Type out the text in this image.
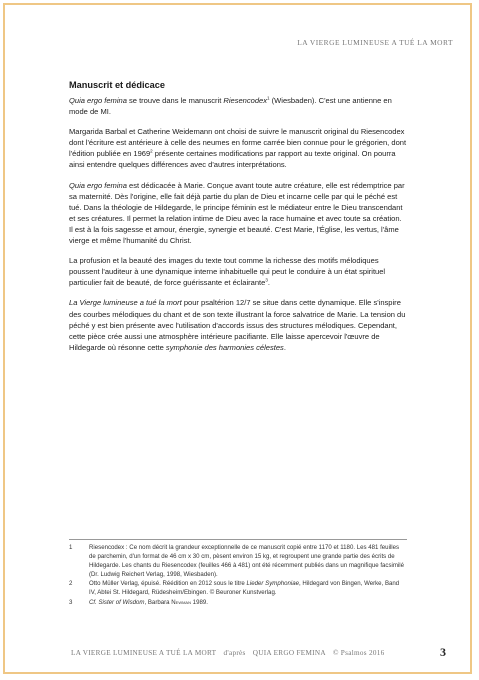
LA VIERGE LUMINEUSE A TUÉ LA MORT
Manuscrit et dédicace

Quia ergo femina se trouve dans le manuscrit Riesencodex$^1$ (Wiesbaden). C'est une antienne en mode de MI.

Margarida Barbal et Catherine Weidemann ont choisi de suivre le manuscrit original du Riesencodex dont l'écriture est antérieure à celle des neumes en forme carrée bien connue pour le grégorien, dont l'édition publiée en 1969$^2$ présente certaines modifications par rapport au texte original. On pourra ainsi entendre quelques différences avec d'autres interprétations.

Quia ergo femina est dédicacée à Marie. Conçue avant toute autre créature, elle est rédemptrice par sa maternité. Dès l'origine, elle fait déjà partie du plan de Dieu et incarne celle par qui le péché est tué. Dans la théologie de Hildegarde, le principe féminin est le médiateur entre le Dieu transcendant et ses créatures. Il permet la relation intime de Dieu avec la race humaine et avec toute sa création. Il est à la fois sagesse et amour, énergie, synergie et beauté. C'est Marie, l'Église, les vertus, l'âme vierge et même l'humanité du Christ.

La profusion et la beauté des images du texte tout comme la richesse des motifs mélodiques poussent l'auditeur à une dynamique interne inhabituelle qui peut le conduire à un état spirituel particulier fait de beauté, de force guérissante et éclairante$^3$.

La Vierge lumineuse a tué la mort pour psaltérion 12/7 se situe dans cette dynamique. Elle s'inspire des courbes mélodiques du chant et de son texte illustrant la force salvatrice de Marie. La tension du péché y est bien présente avec l'utilisation d'accords issus des structures mélodiques. Cependant, cette pièce crée aussi une atmosphère intérieure pacifiante. Elle laisse apercevoir l'œuvre de Hildegarde où résonne cette symphonie des harmonies célestes.

1	Riesencodex : Ce nom décrit la grandeur exceptionnelle de ce manuscrit copié entre 1170 et 1180. Les 481 feuilles de parchemin, d'un format de 46 cm x 30 cm, pèsent environ 15 kg, et regroupent une grande partie des écrits de Hildegarde. Les chants du Riesencodex (feuilles 466 à 481) ont été récemment publiés dans un magnifique facsimilé (Dr. Ludwig Reichert Verlag, 1998, Wiesbaden).
2	Otto Müller Verlag, épuisé. Réédition en 2012 sous le titre Lieder Symphoniae, Hildegard von Bingen, Werke, Band IV, Abtei St. Hildegard, Rüdesheim/Ebingen. © Beuroner Kunstverlag.
3	Cf. Sister of Wisdom, Barbara Newman 1989.
LA VIERGE LUMINEUSE A TUÉ LA MORT d'après QUIA ERGO FEMINA © Psalmos 2016	3
